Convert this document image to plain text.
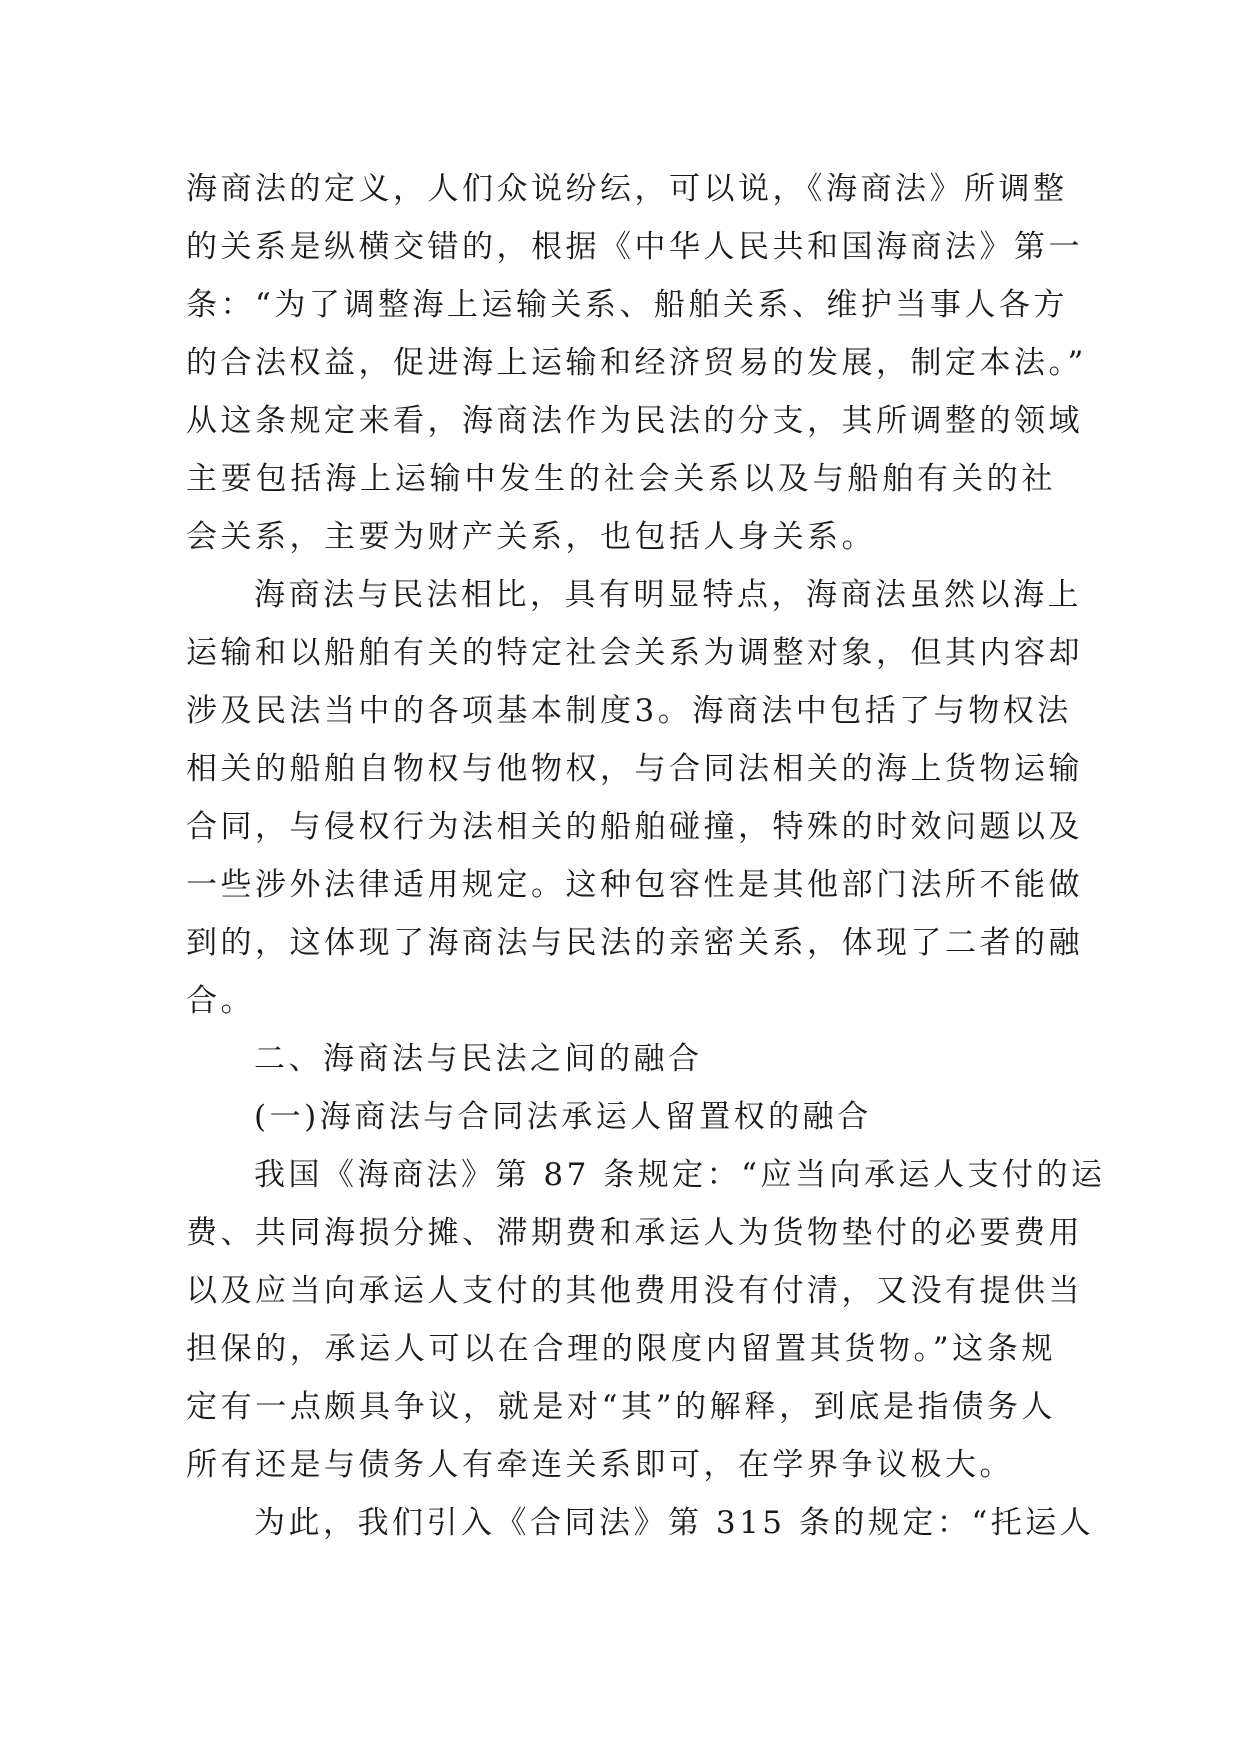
海商法的定义，人们众说纷纭，可以说，《海商法》所调整
的关系是纵横交错的，根据《中华人民共和国海商法》第一
条：“为了调整海上运输关系、船舶关系、维护当事人各方
的合法权益，促进海上运输和经济贸易的发展，制定本法。”
从这条规定来看，海商法作为民法的分支，其所调整的领域
主要包括海上运输中发生的社会关系以及与船舶有关的社
会关系，主要为财产关系，也包括人身关系。
海商法与民法相比，具有明显特点，海商法虽然以海上
运输和以船舶有关的特定社会关系为调整对象，但其内容却
涉及民法当中的各项基本制度3。海商法中包括了与物权法
相关的船舶自物权与他物权，与合同法相关的海上货物运输
合同，与侵权行为法相关的船舶碰撞，特殊的时效问题以及
一些涉外法律适用规定。这种包容性是其他部门法所不能做
到的，这体现了海商法与民法的亲密关系，体现了二者的融
合。
二、海商法与民法之间的融合
(一)海商法与合同法承运人留置权的融合
我国《海商法》第 87 条规定：“应当向承运人支付的运
费、共同海损分摊、滞期费和承运人为货物垫付的必要费用
以及应当向承运人支付的其他费用没有付清，又没有提供当
担保的，承运人可以在合理的限度内留置其货物。”这条规
定有一点颇具争议，就是对“其”的解释，到底是指债务人
所有还是与债务人有牵连关系即可，在学界争议极大。
为此，我们引入《合同法》第 315 条的规定：“托运人
